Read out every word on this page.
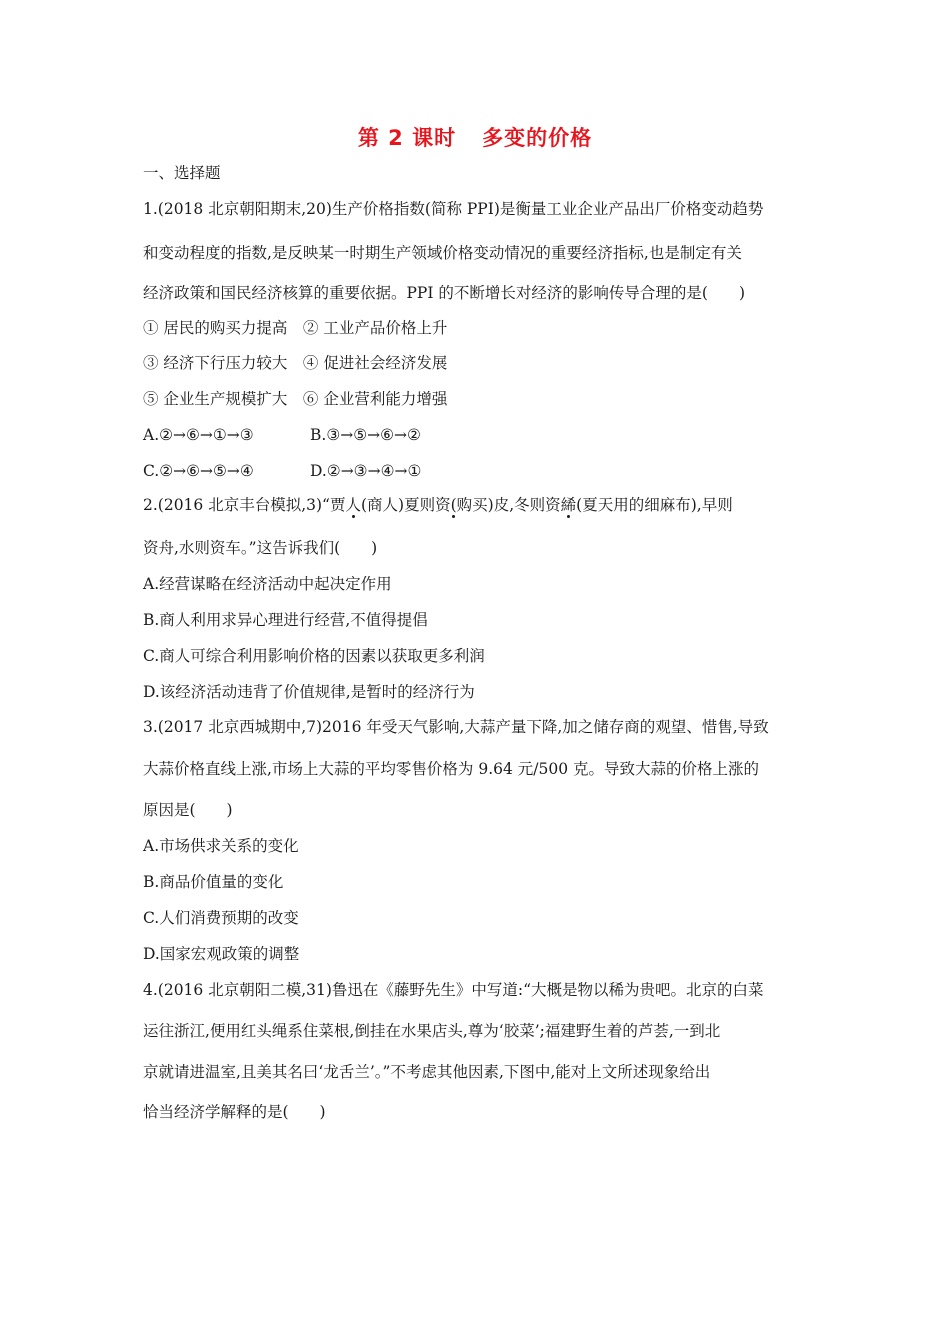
第 2 课时 多变的价格
一、选择题
1.(2018 北京朝阳期末,20)生产价格指数(简称 PPI)是衡量工业企业产品出厂价格变动趋势
和变动程度的指数,是反映某一时期生产领域价格变动情况的重要经济指标,也是制定有关
经济政策和国民经济核算的重要依据。PPI 的不断增长对经济的影响传导合理的是(　　)
① 居民的购买力提高　② 工业产品价格上升
③ 经济下行压力较大　④ 促进社会经济发展
⑤ 企业生产规模扩大　⑥ 企业营利能力增强
A.②→⑥→①→③	B.③→⑤→⑥→②
C.②→⑥→⑤→④	D.②→③→④→①
2.(2016 北京丰台模拟,3)“贾人(商人)夏则资(购买)皮,冬则资絺(夏天用的细麻布),早则
资舟,水则资车。”这告诉我们(　　)
A.经营谋略在经济活动中起决定作用
B.商人利用求异心理进行经营,不值得提倡
C.商人可综合利用影响价格的因素以获取更多利润
D.该经济活动违背了价值规律,是暂时的经济行为
3.(2017 北京西城期中,7)2016 年受天气影响,大蒜产量下降,加之储存商的观望、惜售,导致
大蒜价格直线上涨,市场上大蒜的平均零售价格为 9.64 元/500 克。导致大蒜的价格上涨的
原因是(　　)
A.市场供求关系的变化
B.商品价值量的变化
C.人们消费预期的改变
D.国家宏观政策的调整
4.(2016 北京朝阳二模,31)鲁迅在《藤野先生》中写道:“大概是物以稀为贵吧。北京的白菜
运往浙江,便用红头绳系住菜根,倒挂在水果店头,尊为‘胶菜’;福建野生着的芦荟,一到北
京就请进温室,且美其名曰‘龙舌兰’。”不考虑其他因素,下图中,能对上文所述现象给出
恰当经济学解释的是(　　)
